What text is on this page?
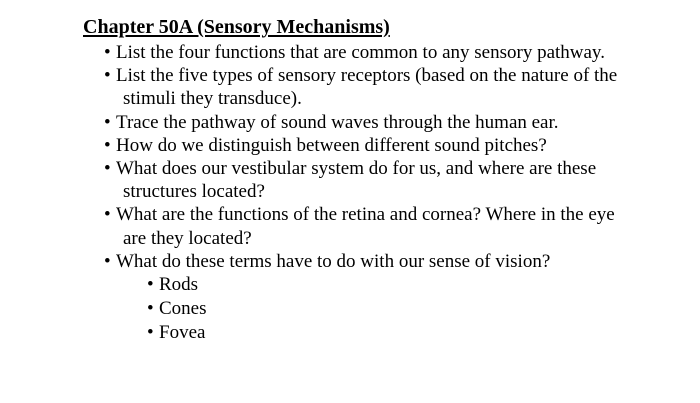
Chapter 50A (Sensory Mechanisms)
• List the four functions that are common to any sensory pathway.
• List the five types of sensory receptors (based on the nature of the stimuli they transduce).
• Trace the pathway of sound waves through the human ear.
• How do we distinguish between different sound pitches?
• What does our vestibular system do for us, and where are these structures located?
• What are the functions of the retina and cornea? Where in the eye are they located?
• What do these terms have to do with our sense of vision?
• Rods
• Cones
• Fovea
